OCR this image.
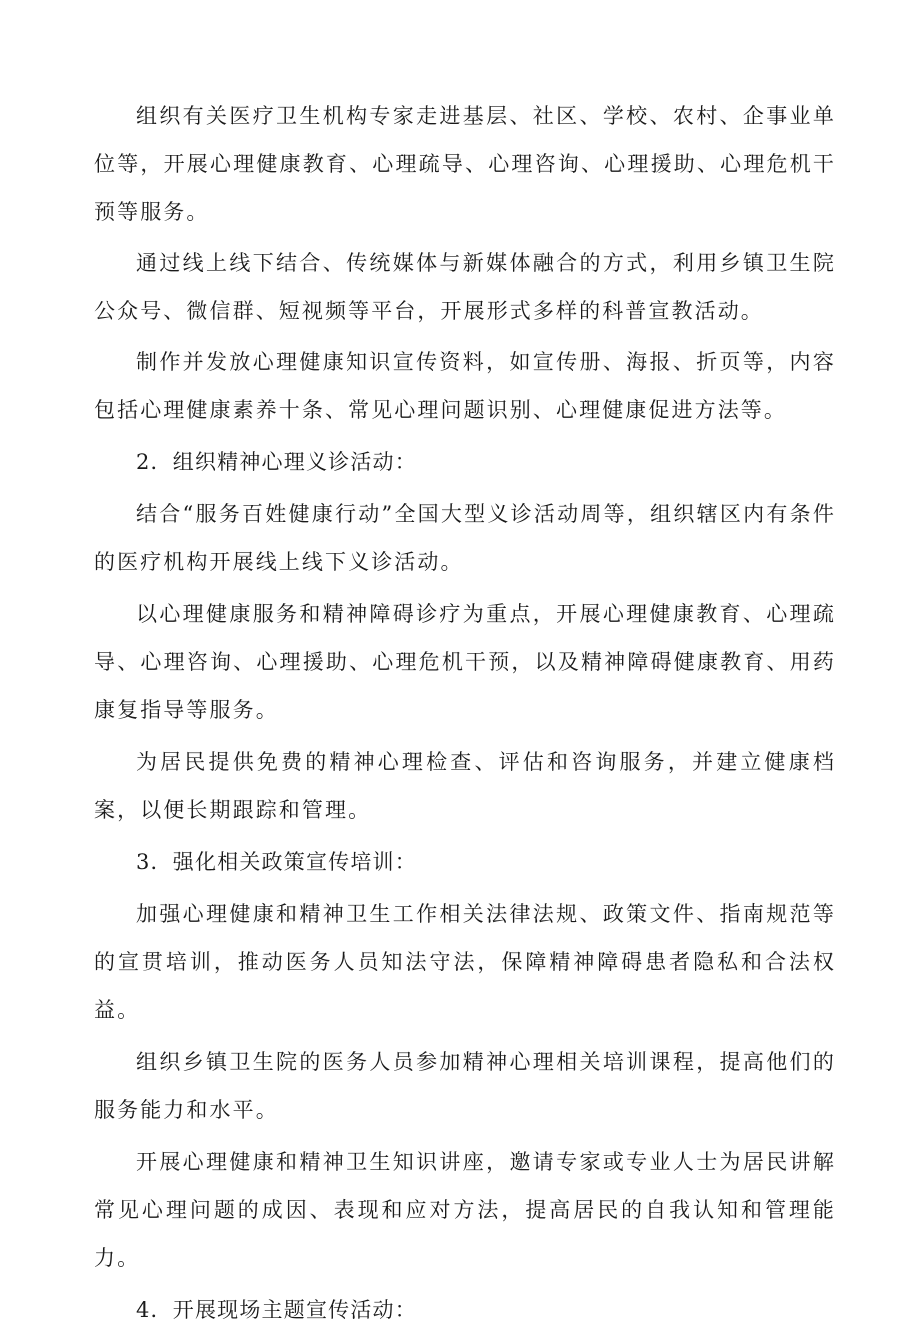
组织有关医疗卫生机构专家走进基层、社区、学校、农村、企事业单位等，开展心理健康教育、心理疏导、心理咨询、心理援助、心理危机干预等服务。

通过线上线下结合、传统媒体与新媒体融合的方式，利用乡镇卫生院公众号、微信群、短视频等平台，开展形式多样的科普宣教活动。

制作并发放心理健康知识宣传资料，如宣传册、海报、折页等，内容包括心理健康素养十条、常见心理问题识别、心理健康促进方法等。

2．组织精神心理义诊活动：

结合“服务百姓健康行动”全国大型义诊活动周等，组织辖区内有条件的医疗机构开展线上线下义诊活动。

以心理健康服务和精神障碍诊疗为重点，开展心理健康教育、心理疏导、心理咨询、心理援助、心理危机干预，以及精神障碍健康教育、用药康复指导等服务。

为居民提供免费的精神心理检查、评估和咨询服务，并建立健康档案，以便长期跟踪和管理。

3．强化相关政策宣传培训：

加强心理健康和精神卫生工作相关法律法规、政策文件、指南规范等的宣贯培训，推动医务人员知法守法，保障精神障碍患者隐私和合法权益。

组织乡镇卫生院的医务人员参加精神心理相关培训课程，提高他们的服务能力和水平。

开展心理健康和精神卫生知识讲座，邀请专家或专业人士为居民讲解常见心理问题的成因、表现和应对方法，提高居民的自我认知和管理能力。

4．开展现场主题宣传活动：
